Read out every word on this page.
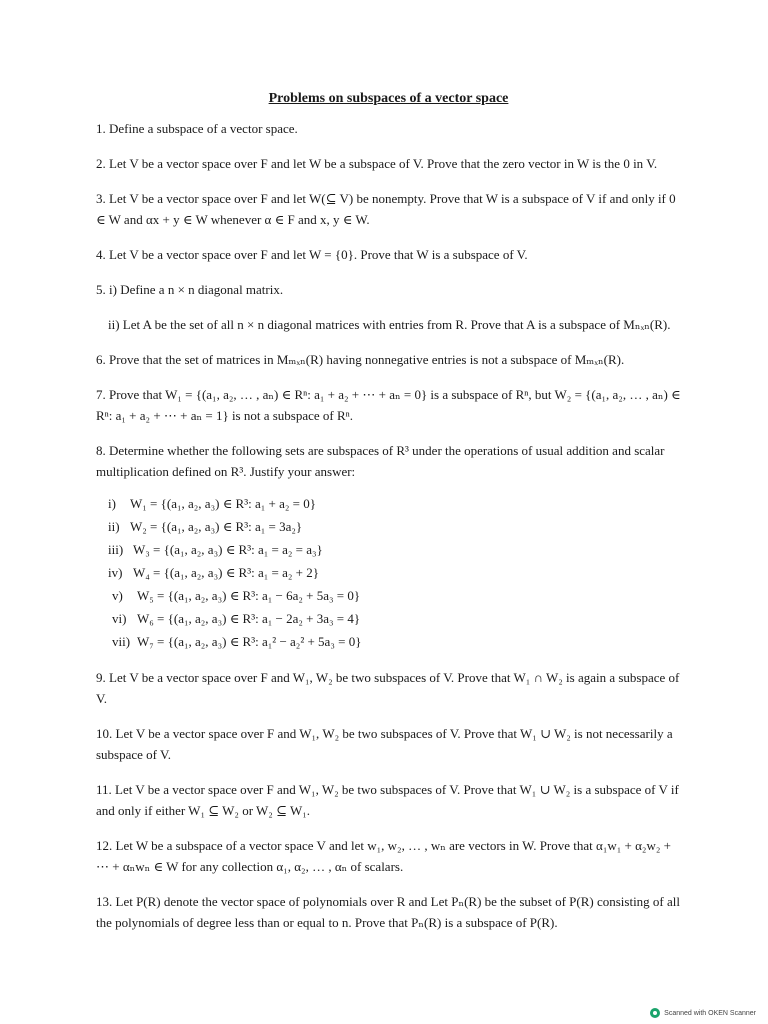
Problems on subspaces of a vector space

1. Define a subspace of a vector space.

2. Let V be a vector space over F and let W be a subspace of V. Prove that the zero vector in W is the 0 in V.

3. Let V be a vector space over F and let W(⊆ V) be nonempty. Prove that W is a subspace of V if and only if 0 ∈ W and αx + y ∈ W whenever α ∈ F and x, y ∈ W.

4. Let V be a vector space over F and let W = {0}. Prove that W is a subspace of V.

5. i) Define a n × n diagonal matrix.

ii) Let A be the set of all n × n diagonal matrices with entries from R. Prove that A is a subspace of Mₙₓₙ(R).

6. Prove that the set of matrices in Mₘₓₙ(R) having nonnegative entries is not a subspace of Mₘₓₙ(R).

7. Prove that W₁ = {(a₁, a₂, … , aₙ) ∈ Rⁿ: a₁ + a₂ + ⋯ + aₙ = 0} is a subspace of Rⁿ, but W₂ = {(a₁, a₂, … , aₙ) ∈ Rⁿ: a₁ + a₂ + ⋯ + aₙ = 1} is not a subspace of Rⁿ.

8. Determine whether the following sets are subspaces of R³ under the operations of usual addition and scalar multiplication defined on R³. Justify your answer:

i) W₁ = {(a₁, a₂, a₃) ∈ R³: a₁ + a₂ = 0}
ii) W₂ = {(a₁, a₂, a₃) ∈ R³: a₁ = 3a₂}
iii) W₃ = {(a₁, a₂, a₃) ∈ R³: a₁ = a₂ = a₃}
iv) W₄ = {(a₁, a₂, a₃) ∈ R³: a₁ = a₂ + 2}
v) W₅ = {(a₁, a₂, a₃) ∈ R³: a₁ − 6a₂ + 5a₃ = 0}
vi) W₆ = {(a₁, a₂, a₃) ∈ R³: a₁ − 2a₂ + 3a₃ = 4}
vii) W₇ = {(a₁, a₂, a₃) ∈ R³: a₁² − a₂² + 5a₃ = 0}

9. Let V be a vector space over F and W₁, W₂ be two subspaces of V. Prove that W₁ ∩ W₂ is again a subspace of V.

10. Let V be a vector space over F and W₁, W₂ be two subspaces of V. Prove that W₁ ∪ W₂ is not necessarily a subspace of V.

11. Let V be a vector space over F and W₁, W₂ be two subspaces of V. Prove that W₁ ∪ W₂ is a subspace of V if and only if either W₁ ⊆ W₂ or W₂ ⊆ W₁.

12. Let W be a subspace of a vector space V and let w₁, w₂, … , wₙ are vectors in W. Prove that α₁w₁ + α₂w₂ + ⋯ + αₙwₙ ∈ W for any collection α₁, α₂, … , αₙ of scalars.

13. Let P(R) denote the vector space of polynomials over R and Let Pₙ(R) be the subset of P(R) consisting of all the polynomials of degree less than or equal to n. Prove that Pₙ(R) is a subspace of P(R).

Scanned with OKEN Scanner
